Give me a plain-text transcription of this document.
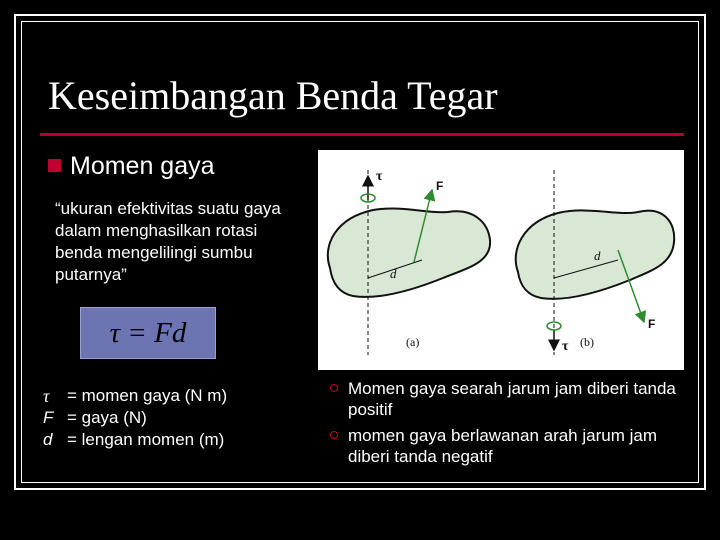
Keseimbangan Benda Tegar
Momen gaya
“ukuran efektivitas suatu gaya dalam menghasilkan rotasi benda mengelilingi sumbu putarnya”
τ = Fd
τ	= momen gaya (N m)
F = gaya (N)
d = lengan momen (m)
τ
F
d
(a)	τ
F
d
(b)
Momen gaya searah jarum jam diberi tanda positif
momen gaya berlawanan arah jarum jam diberi tanda negatif
